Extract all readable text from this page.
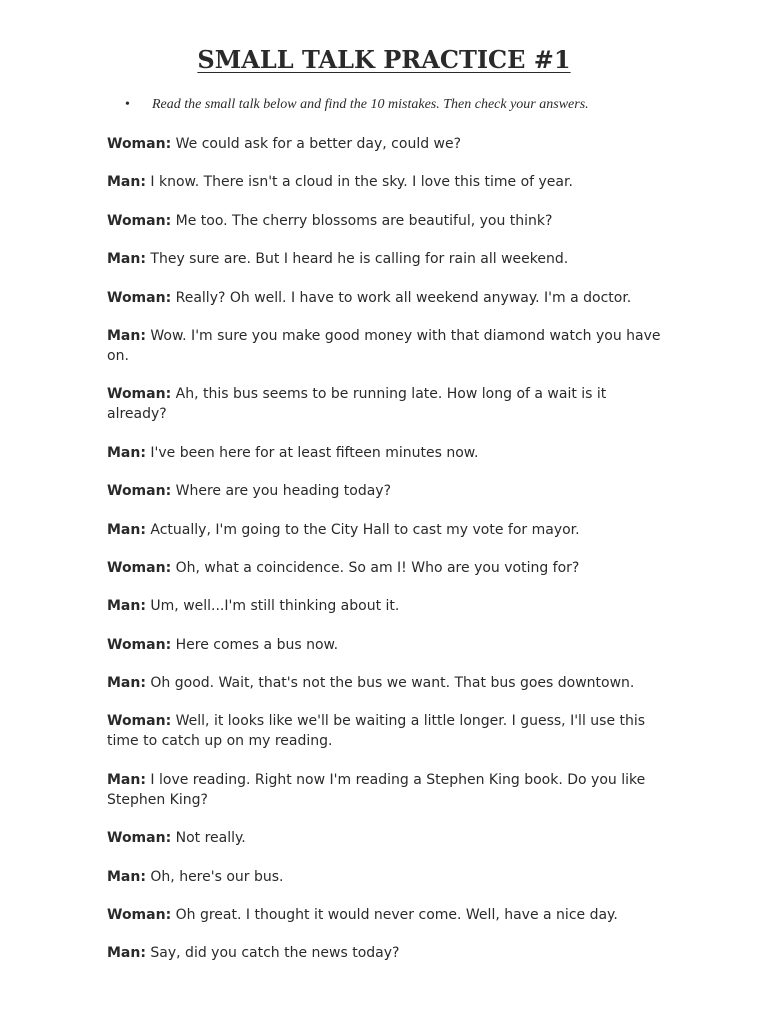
SMALL TALK PRACTICE #1
• Read the small talk below and find the 10 mistakes. Then check your answers.

Woman: We could ask for a better day, could we?

Man: I know. There isn't a cloud in the sky. I love this time of year.

Woman: Me too. The cherry blossoms are beautiful, you think?

Man: They sure are. But I heard he is calling for rain all weekend.

Woman: Really? Oh well. I have to work all weekend anyway. I'm a doctor.

Man: Wow. I'm sure you make good money with that diamond watch you have on.

Woman: Ah, this bus seems to be running late. How long of a wait is it already?

Man: I've been here for at least fifteen minutes now.

Woman: Where are you heading today?

Man: Actually, I'm going to the City Hall to cast my vote for mayor.

Woman: Oh, what a coincidence. So am I! Who are you voting for?

Man: Um, well...I'm still thinking about it.

Woman: Here comes a bus now.

Man: Oh good. Wait, that's not the bus we want. That bus goes downtown.

Woman: Well, it looks like we'll be waiting a little longer. I guess, I'll use this time to catch up on my reading.

Man: I love reading. Right now I'm reading a Stephen King book. Do you like Stephen King?

Woman: Not really.

Man: Oh, here's our bus.

Woman: Oh great. I thought it would never come. Well, have a nice day.

Man: Say, did you catch the news today?
